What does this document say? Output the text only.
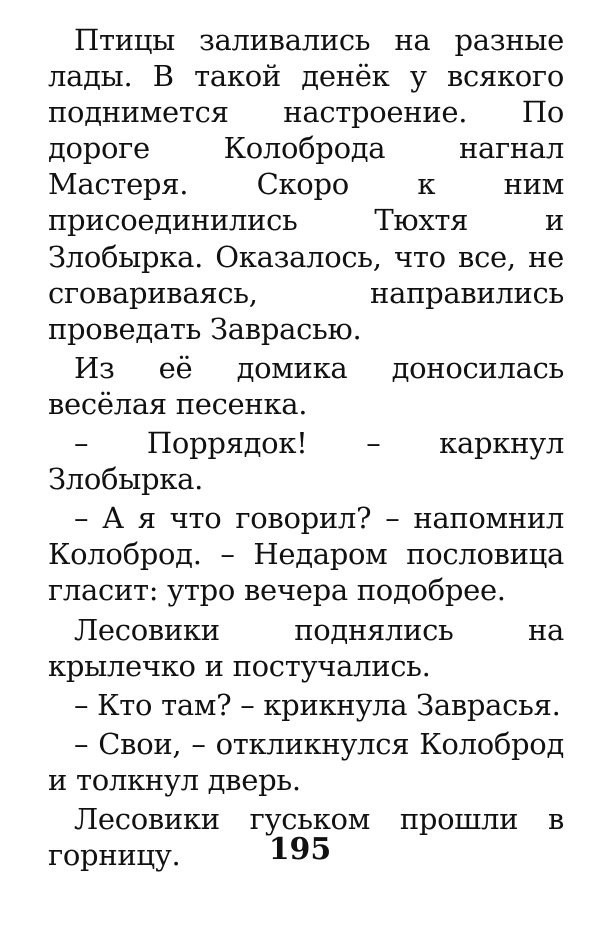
Птицы заливались на разные лады. В такой денёк у всякого поднимется настроение. По дороге Колоброда нагнал Мастеря. Скоро к ним присоединились Тюхтя и Злобырка. Оказалось, что все, не сговариваясь, направились проведать Заврасью.

Из её домика доносилась весёлая песенка.

– Поррядок! – каркнул Злобырка.

– А я что говорил? – напомнил Колоброд. – Недаром пословица гласит: утро вечера подобрее.

Лесовики поднялись на крылечко и постучались.

– Кто там? – крикнула Заврасья.

– Свои, – откликнулся Колоброд и толкнул дверь.

Лесовики гуськом прошли в горницу.	195
